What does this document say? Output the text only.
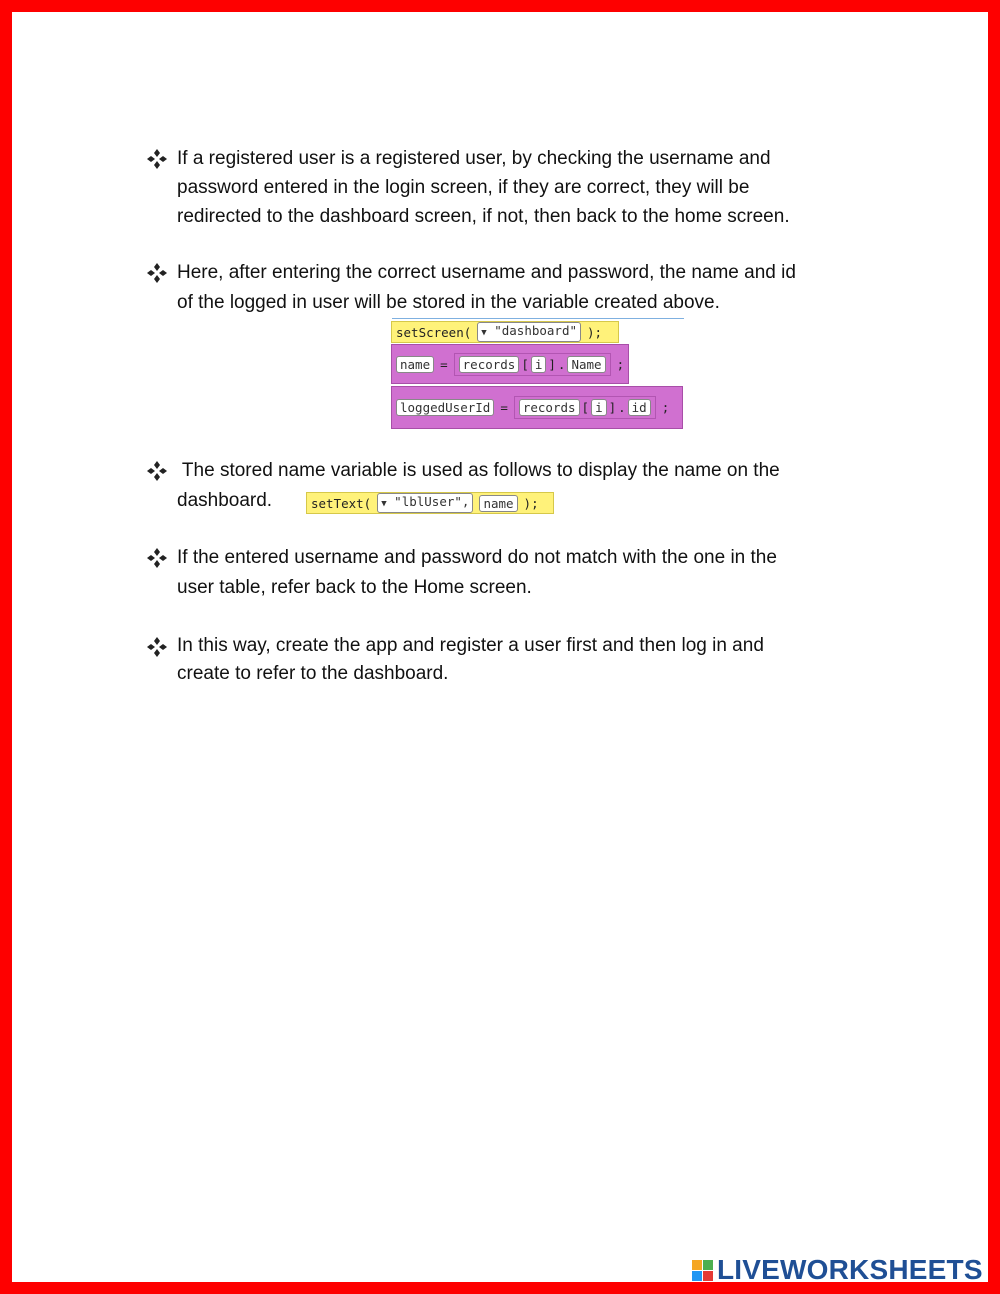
If a registered user is a registered user, by checking the username and
password entered in the login screen, if they are correct, they will be
redirected to the dashboard screen, if not, then back to the home screen.

Here, after entering the correct username and password, the name and id
of the logged in user will be stored in the variable created above.

setScreen(	▼ "dashboard" );
name =	records [ i ] . Name	;
loggedUserId =	records [ i ] . id	;

The stored name variable is used as follows to display the name on the
dashboard.	setText(	▼ "lblUser",	name );

If the entered username and password do not match with the one in the
user table, refer back to the Home screen.

In this way, create the app and register a user first and then log in and
create to refer to the dashboard.

LIVEWORKSHEETS
